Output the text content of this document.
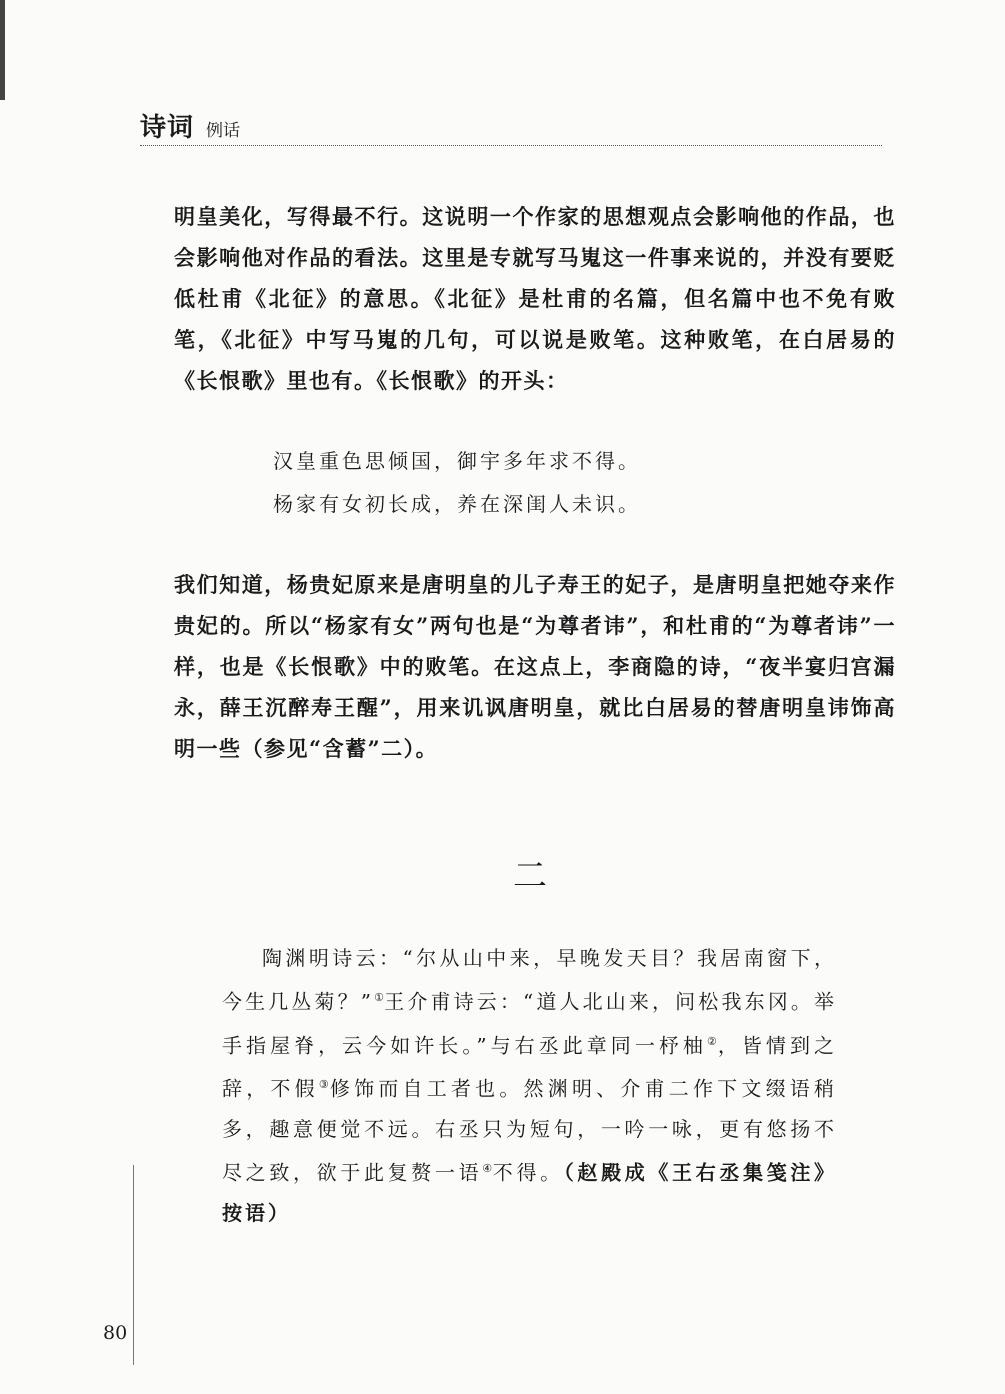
诗词 例话

明皇美化，写得最不行。这说明一个作家的思想观点会影响他的作品，也会影响他对作品的看法。这里是专就写马嵬这一件事来说的，并没有要贬低杜甫《北征》的意思。《北征》是杜甫的名篇，但名篇中也不免有败笔，《北征》中写马嵬的几句，可以说是败笔。这种败笔，在白居易的《长恨歌》里也有。《长恨歌》的开头：

汉皇重色思倾国，御宇多年求不得。
杨家有女初长成，养在深闺人未识。

我们知道，杨贵妃原来是唐明皇的儿子寿王的妃子，是唐明皇把她夺来作贵妃的。所以“杨家有女”两句也是“为尊者讳”，和杜甫的“为尊者讳”一样，也是《长恨歌》中的败笔。在这点上，李商隐的诗，“夜半宴归宫漏永，薛王沉醉寿王醒”，用来讥讽唐明皇，就比白居易的替唐明皇讳饰高明一些（参见“含蓄”二）。

二

陶渊明诗云：“尔从山中来，早晚发天目？我居南窗下，今生几丛菊？”①王介甫诗云：“道人北山来，问松我东冈。举手指屋脊，云今如许长。”与右丞此章同一杼柚②，皆情到之辞，不假③修饰而自工者也。然渊明、介甫二作下文缀语稍多，趣意便觉不远。右丞只为短句，一吟一咏，更有悠扬不尽之致，欲于此复赘一语④不得。（赵殿成《王右丞集笺注》按语）

80
